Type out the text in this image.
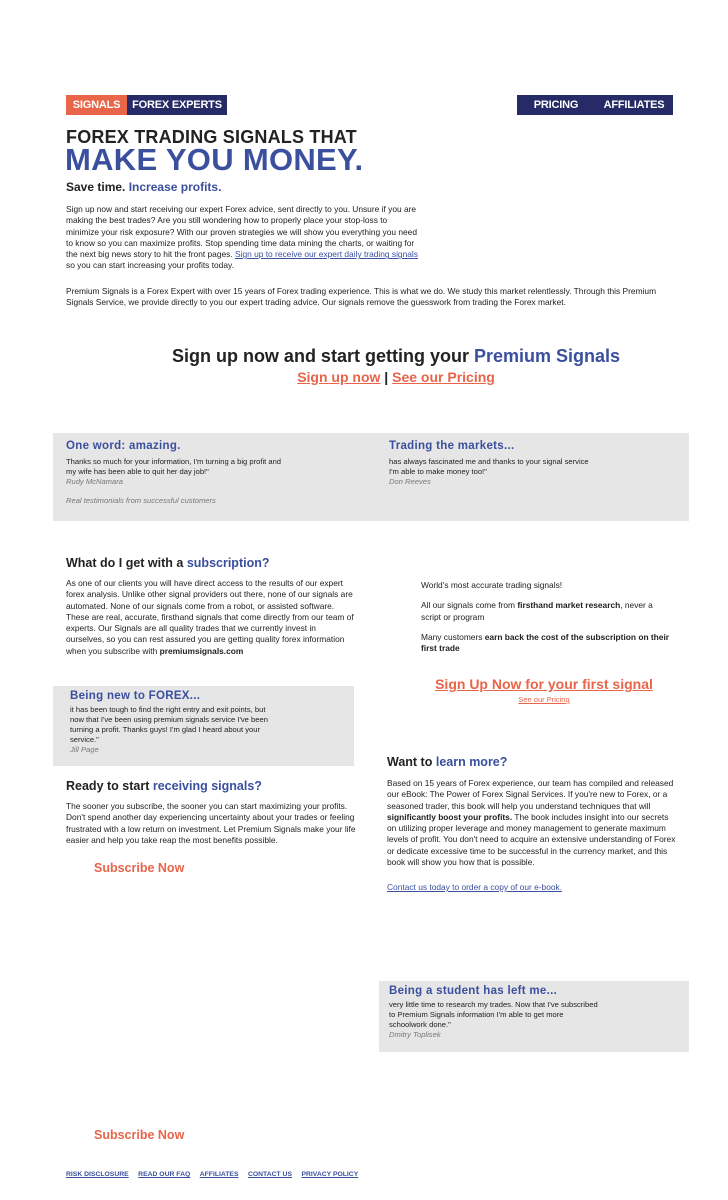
SIGNALS	FOREX EXPERTS	PRICING	AFFILIATES
FOREX TRADING SIGNALS THAT
MAKE YOU MONEY.
Save time. Increase profits.
Sign up now and start receiving our expert Forex advice, sent directly to you. Unsure if you are making the best trades? Are you still wondering how to properly place your stop-loss to minimize your risk exposure? With our proven strategies we will show you everything you need to know so you can maximize profits. Stop spending time data mining the charts, or waiting for the next big news story to hit the front pages. Sign up to receive our expert daily trading signals so you can start increasing your profits today.
Premium Signals is a Forex Expert with over 15 years of Forex trading experience. This is what we do. We study this market relentlessly. Through this Premium Signals Service, we provide directly to you our expert trading advice. Our signals remove the guesswork from trading the Forex market.
Sign up now and start getting your Premium Signals
Sign up now | See our Pricing
One word: amazing.
Thanks so much for your information, I'm turning a big profit and my wife has been able to quit her day job!"
Rudy McNamara
Trading the markets...
has always fascinated me and thanks to your signal service I'm able to make money too!"
Don Reeves
Real testimonials from successful customers
What do I get with a subscription?
As one of our clients you will have direct access to the results of our expert forex analysis. Unlike other signal providers out there, none of our signals are automated. None of our signals come from a robot, or assisted software. These are real, accurate, firsthand signals that come directly from our team of experts. Our Signals are all quality trades that we currently invest in ourselves, so you can rest assured you are getting quality forex information when you subscribe with premiumsignals.com
World's most accurate trading signals!
All our signals come from firsthand market research, never a script or program
Many customers earn back the cost of the subscription on their first trade
Sign Up Now for your first signal
See our Pricing
Being new to FOREX...
it has been tough to find the right entry and exit points, but now that I've been using premium signals service I've been turning a profit. Thanks guys! I'm glad I heard about your service."
Jill Page
Ready to start receiving signals?
The sooner you subscribe, the sooner you can start maximizing your profits. Don't spend another day experiencing uncertainty about your trades or feeling frustrated with a low return on investment. Let Premium Signals make your life easier and help you take reap the most benefits possible.
Subscribe Now
Want to learn more?
Based on 15 years of Forex experience, our team has compiled and released our eBook: The Power of Forex Signal Services. If you're new to Forex, or a seasoned trader, this book will help you understand techniques that will significantly boost your profits. The book includes insight into our secrets on utilizing proper leverage and money management to generate maximum levels of profit. You don't need to acquire an extensive understanding of Forex or dedicate excessive time to be successful in the currency market, and this book will show you how that is possible.
Contact us today to order a copy of our e-book.
Being a student has left me...
very little time to research my trades. Now that I've subscribed to Premium Signals information I'm able to get more schoolwork done."
Dmitry Toplisek
Subscribe Now
RISK DISCLOSURE READ OUR FAQ AFFILIATES CONTACT US PRIVACY POLICY
